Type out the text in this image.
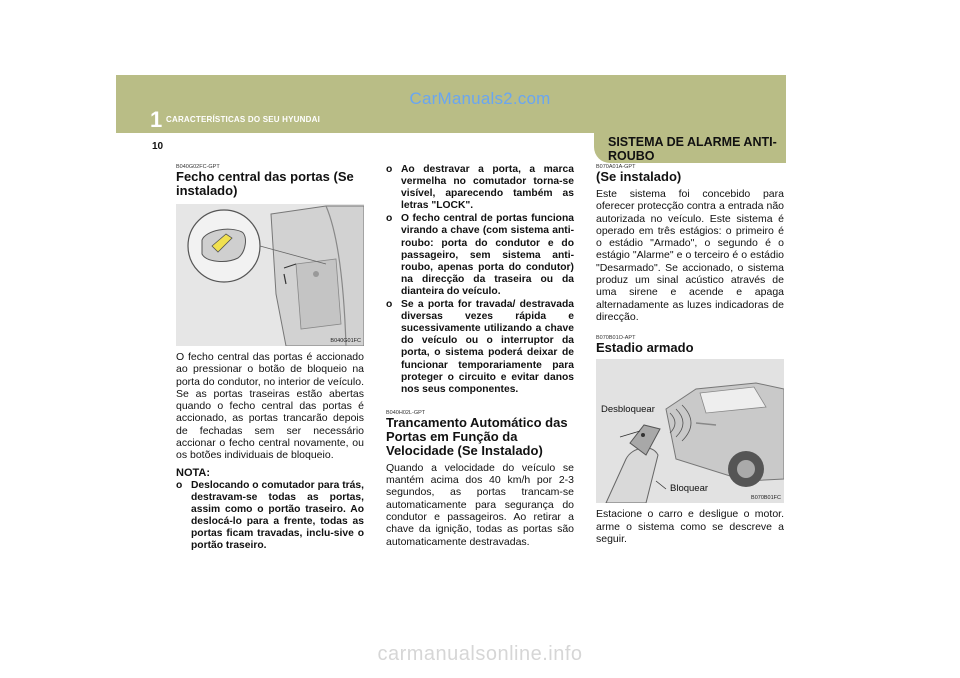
CarManuals2.com
1 CARACTERÍSTICAS DO SEU HYUNDAI
10	SISTEMA DE ALARME ANTI-ROUBO

B040G02FC-GPT

Fecho central das portas (Se instalado)

B040G01FC

O fecho central das portas é accionado ao pressionar o botão de bloqueio na porta do condutor, no interior de veículo. Se as portas traseiras estão abertas quando o fecho central das portas é accionado, as portas trancarão depois de fechadas sem ser necessário accionar o fecho central novamente, ou os botões individuais de bloqueio.

NOTA:

o Deslocando o comutador para trás, destravam-se todas as portas, assim como o portão traseiro. Ao deslocá-lo para a frente, todas as portas ficam travadas, inclu-sive o portão traseiro.
o Ao destravar a porta, a marca vermelha no comutador torna-se visível, aparecendo também as letras "LOCK".
o O fecho central de portas funciona virando a chave (com sistema anti-roubo: porta do condutor e do passageiro, sem sistema anti-roubo, apenas porta do condutor) na direcção da traseira ou da dianteira do veículo.
o Se a porta for travada/ destravada diversas vezes rápida e sucessivamente utilizando a chave do veículo ou o interruptor da porta, o sistema poderá deixar de funcionar temporariamente para proteger o circuito e evitar danos nos seus componentes.

B040H02L-GPT

Trancamento Automático das Portas em Função da Velocidade (Se Instalado)

Quando a velocidade do veículo se mantém acima dos 40 km/h por 2-3 segundos, as portas trancam-se automaticamente para segurança do condutor e passageiros. Ao retirar a chave da ignição, todas as portas são automaticamente destravadas.

B070A01A-GPT

(Se instalado)

Este sistema foi concebido para oferecer protecção contra a entrada não autorizada no veículo. Este sistema é operado em três estágios: o primeiro é o estádio "Armado", o segundo é o estágio "Alarme" e o terceiro é o estádio "Desarmado". Se accionado, o sistema produz um sinal acústico através de uma sirene e acende e apaga alternadamente as luzes indicadoras de direcção.

B070B01O-APT

Estadio armado

Desbloquear
Bloquear
B070B01FC

Estacione o carro e desligue o motor. arme o sistema como se descreve a seguir.

carmanualsonline.info
